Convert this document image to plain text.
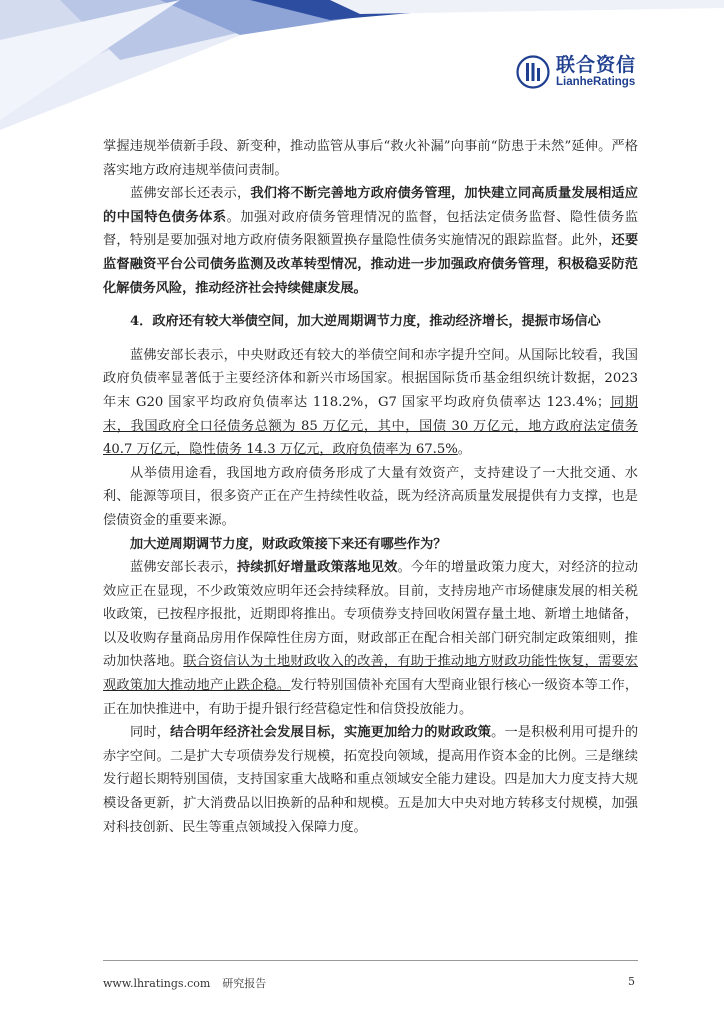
联合资信
LianheRatings

掌握违规举债新手段、新变种，推动监管从事后“救火补漏”向事前“防患于未然”延伸。严格落实地方政府违规举债问责制。

蓝佛安部长还表示，我们将不断完善地方政府债务管理，加快建立同高质量发展相适应的中国特色债务体系。加强对政府债务管理情况的监督，包括法定债务监督、隐性债务监督，特别是要加强对地方政府债务限额置换存量隐性债务实施情况的跟踪监督。此外，还要监督融资平台公司债务监测及改革转型情况，推动进一步加强政府债务管理，积极稳妥防范化解债务风险，推动经济社会持续健康发展。

4．政府还有较大举债空间，加大逆周期调节力度，推动经济增长，提振市场信心

蓝佛安部长表示，中央财政还有较大的举债空间和赤字提升空间。从国际比较看，我国政府负债率显著低于主要经济体和新兴市场国家。根据国际货币基金组织统计数据，2023 年末 G20 国家平均政府负债率达 118.2%，G7 国家平均政府负债率达 123.4%；同期末，我国政府全口径债务总额为 85 万亿元，其中，国债 30 万亿元，地方政府法定债务 40.7 万亿元，隐性债务 14.3 万亿元，政府负债率为 67.5%。

从举债用途看，我国地方政府债务形成了大量有效资产，支持建设了一大批交通、水利、能源等项目，很多资产正在产生持续性收益，既为经济高质量发展提供有力支撑，也是偿债资金的重要来源。

加大逆周期调节力度，财政政策接下来还有哪些作为？

蓝佛安部长表示，持续抓好增量政策落地见效。今年的增量政策力度大，对经济的拉动效应正在显现，不少政策效应明年还会持续释放。目前，支持房地产市场健康发展的相关税收政策，已按程序报批，近期即将推出。专项债券支持回收闲置存量土地、新增土地储备，以及收购存量商品房用作保障性住房方面，财政部正在配合相关部门研究制定政策细则，推动加快落地。联合资信认为土地财政收入的改善，有助于推动地方财政功能性恢复，需要宏观政策加大推动地产止跌企稳。发行特别国债补充国有大型商业银行核心一级资本等工作，正在加快推进中，有助于提升银行经营稳定性和信贷投放能力。

同时，结合明年经济社会发展目标，实施更加给力的财政政策。一是积极利用可提升的赤字空间。二是扩大专项债券发行规模，拓宽投向领域，提高用作资本金的比例。三是继续发行超长期特别国债，支持国家重大战略和重点领域安全能力建设。四是加大力度支持大规模设备更新，扩大消费品以旧换新的品种和规模。五是加大中央对地方转移支付规模，加强对科技创新、民生等重点领域投入保障力度。

www.lhratings.com 研究报告	5
